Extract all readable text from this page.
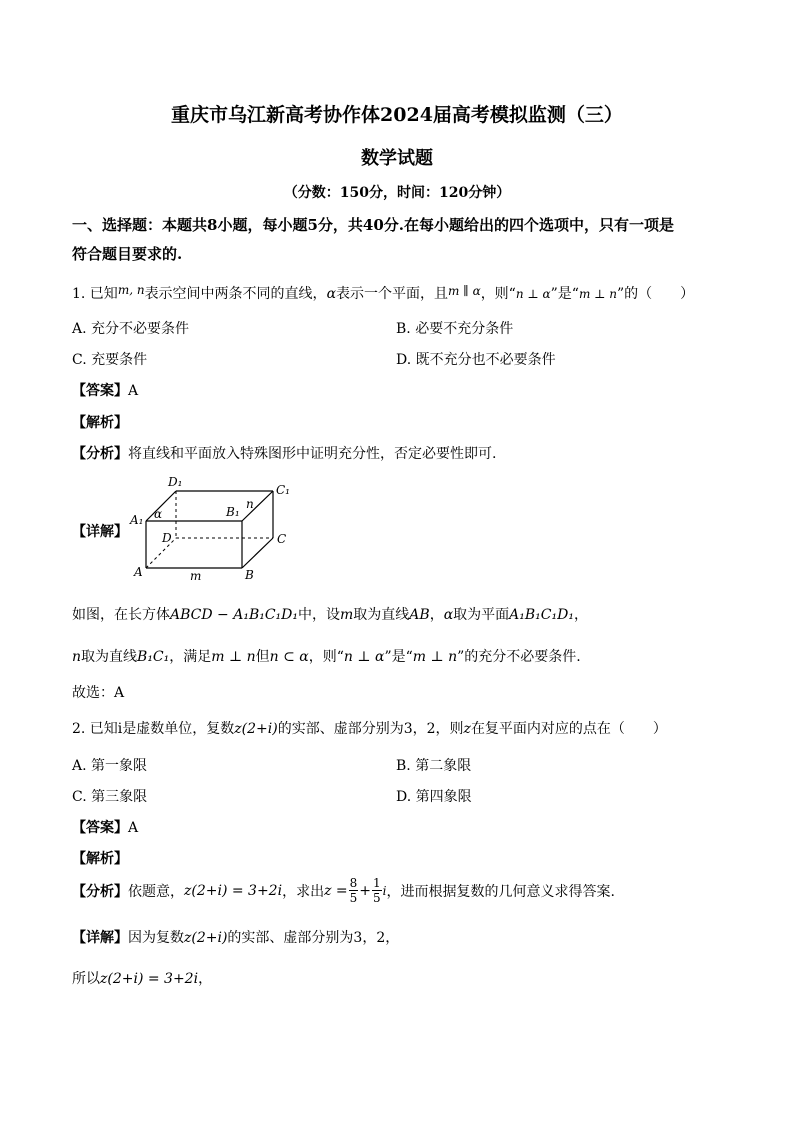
重庆市乌江新高考协作体2024届高考模拟监测（三）
数学试题
（分数：150分，时间：120分钟）
一、选择题：本题共8小题，每小题5分，共40分.在每小题给出的四个选项中，只有一项是
符合题目要求的.
1. 已知m, n表示空间中两条不同的直线，α表示一个平面，且m ∥ α，则“n ⊥ α”是“m ⊥ n”的（　　）
A. 充分不必要条件	B. 必要不充分条件
C. 充要条件	D. 既不充分也不必要条件
【答案】A
【解析】
【分析】将直线和平面放入特殊图形中证明充分性，否定必要性即可.
【详解】
D₁
C₁
A₁
B₁
D	C
A	B
α
n
m
如图，在长方体ABCD − A₁B₁C₁D₁中，设m取为直线AB，α取为平面A₁B₁C₁D₁，
n取为直线B₁C₁，满足m ⊥ n但n ⊂ α，则“n ⊥ α”是“m ⊥ n”的充分不必要条件.
故选：A
2. 已知i是虚数单位，复数z(2+i)的实部、虚部分别为3，2，则z在复平面内对应的点在（　　）
A. 第一象限	B. 第二象限
C. 第三象限	D. 第四象限
【答案】A
【解析】
【分析】 依题意， z(2+i) = 3+2i ，求出 $z = \frac{8}{5} + \frac{1}{5}$ i ，进而根据复数的几何意义求得答案.
【详解】因为复数z(2+i)的实部、虚部分别为3，2，
所以z(2+i) = 3+2i，
